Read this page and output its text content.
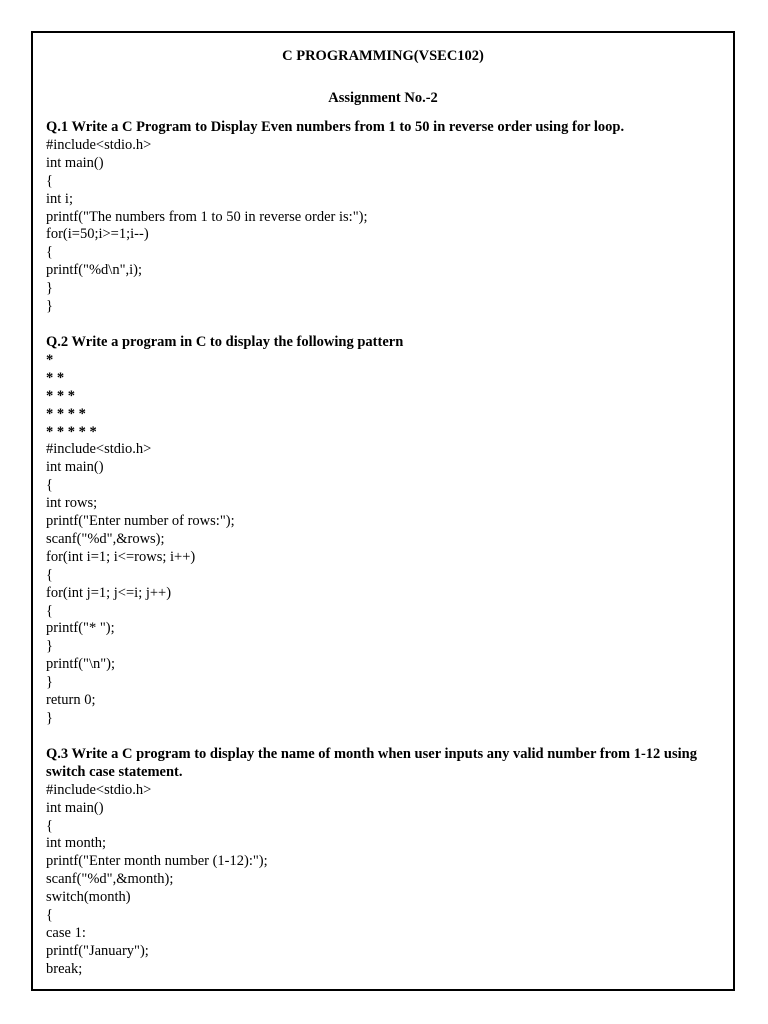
C PROGRAMMING(VSEC102)

Assignment No.-2

Q.1 Write a C Program to Display Even numbers from 1 to 50 in reverse order using for loop.

#include<stdio.h>

int main()

{

int i;

printf("The numbers from 1 to 50 in reverse order is:");

for(i=50;i>=1;i--)

{

printf("%d\n",i);

}

}

Q.2 Write a program in C to display the following pattern

*

* *

* * *

* * * *

* * * * *

#include<stdio.h>

int main()

{

int rows;

printf("Enter number of rows:");

scanf("%d",&rows);

for(int i=1; i<=rows; i++)

{

for(int j=1; j<=i; j++)

{

printf("* ");

}

printf("\n");

}

return 0;

}

Q.3 Write a C program to display the name of month when user inputs any valid number from 1-12 using switch case statement.

#include<stdio.h>

int main()

{

int month;

printf("Enter month number (1-12):");

scanf("%d",&month);

switch(month)

{

case 1:

printf("January");

break;
